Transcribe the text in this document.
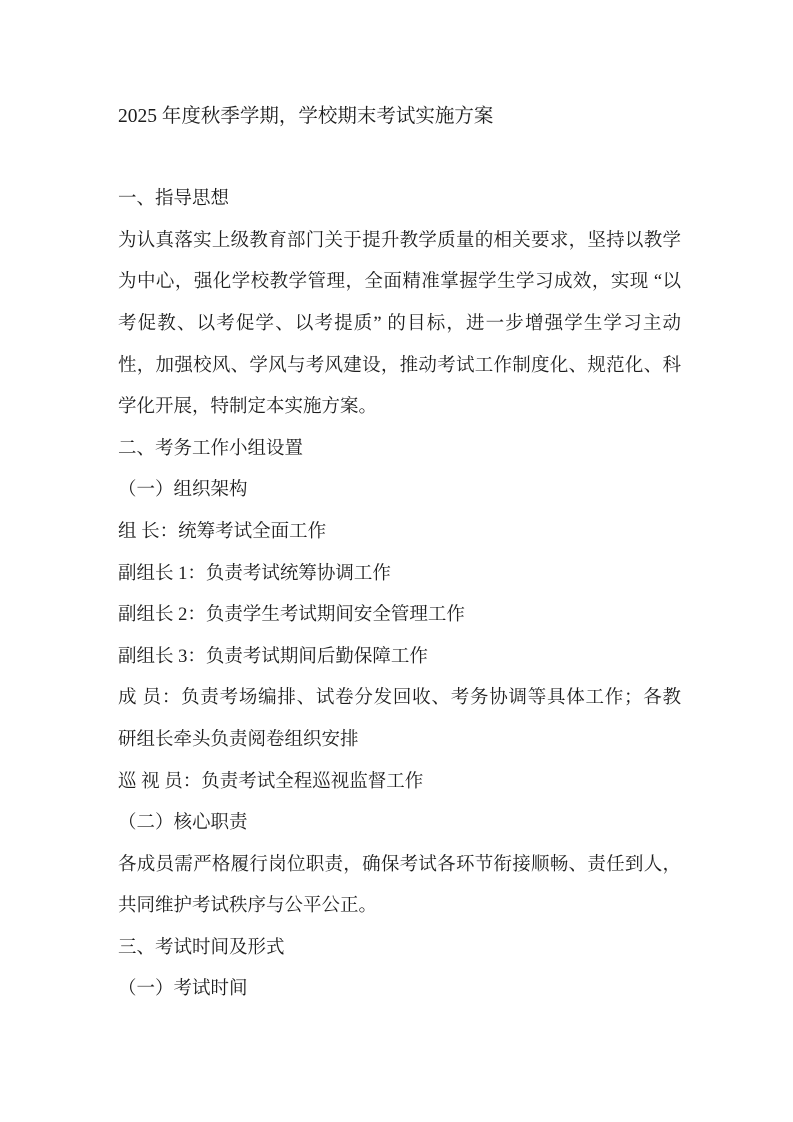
2025 年度秋季学期，学校期末考试实施方案
一、指导思想
为认真落实上级教育部门关于提升教学质量的相关要求，坚持以教学
为中心，强化学校教学管理，全面精准掌握学生学习成效，实现 “以
考促教、以考促学、以考提质” 的目标，进一步增强学生学习主动
性，加强校风、学风与考风建设，推动考试工作制度化、规范化、科
学化开展，特制定本实施方案。
二、考务工作小组设置
（一）组织架构
组 长：统筹考试全面工作
副组长 1：负责考试统筹协调工作
副组长 2：负责学生考试期间安全管理工作
副组长 3：负责考试期间后勤保障工作
成 员：负责考场编排、试卷分发回收、考务协调等具体工作；各教
研组长牵头负责阅卷组织安排
巡 视 员：负责考试全程巡视监督工作
（二）核心职责
各成员需严格履行岗位职责，确保考试各环节衔接顺畅、责任到人，
共同维护考试秩序与公平公正。
三、考试时间及形式
（一）考试时间
